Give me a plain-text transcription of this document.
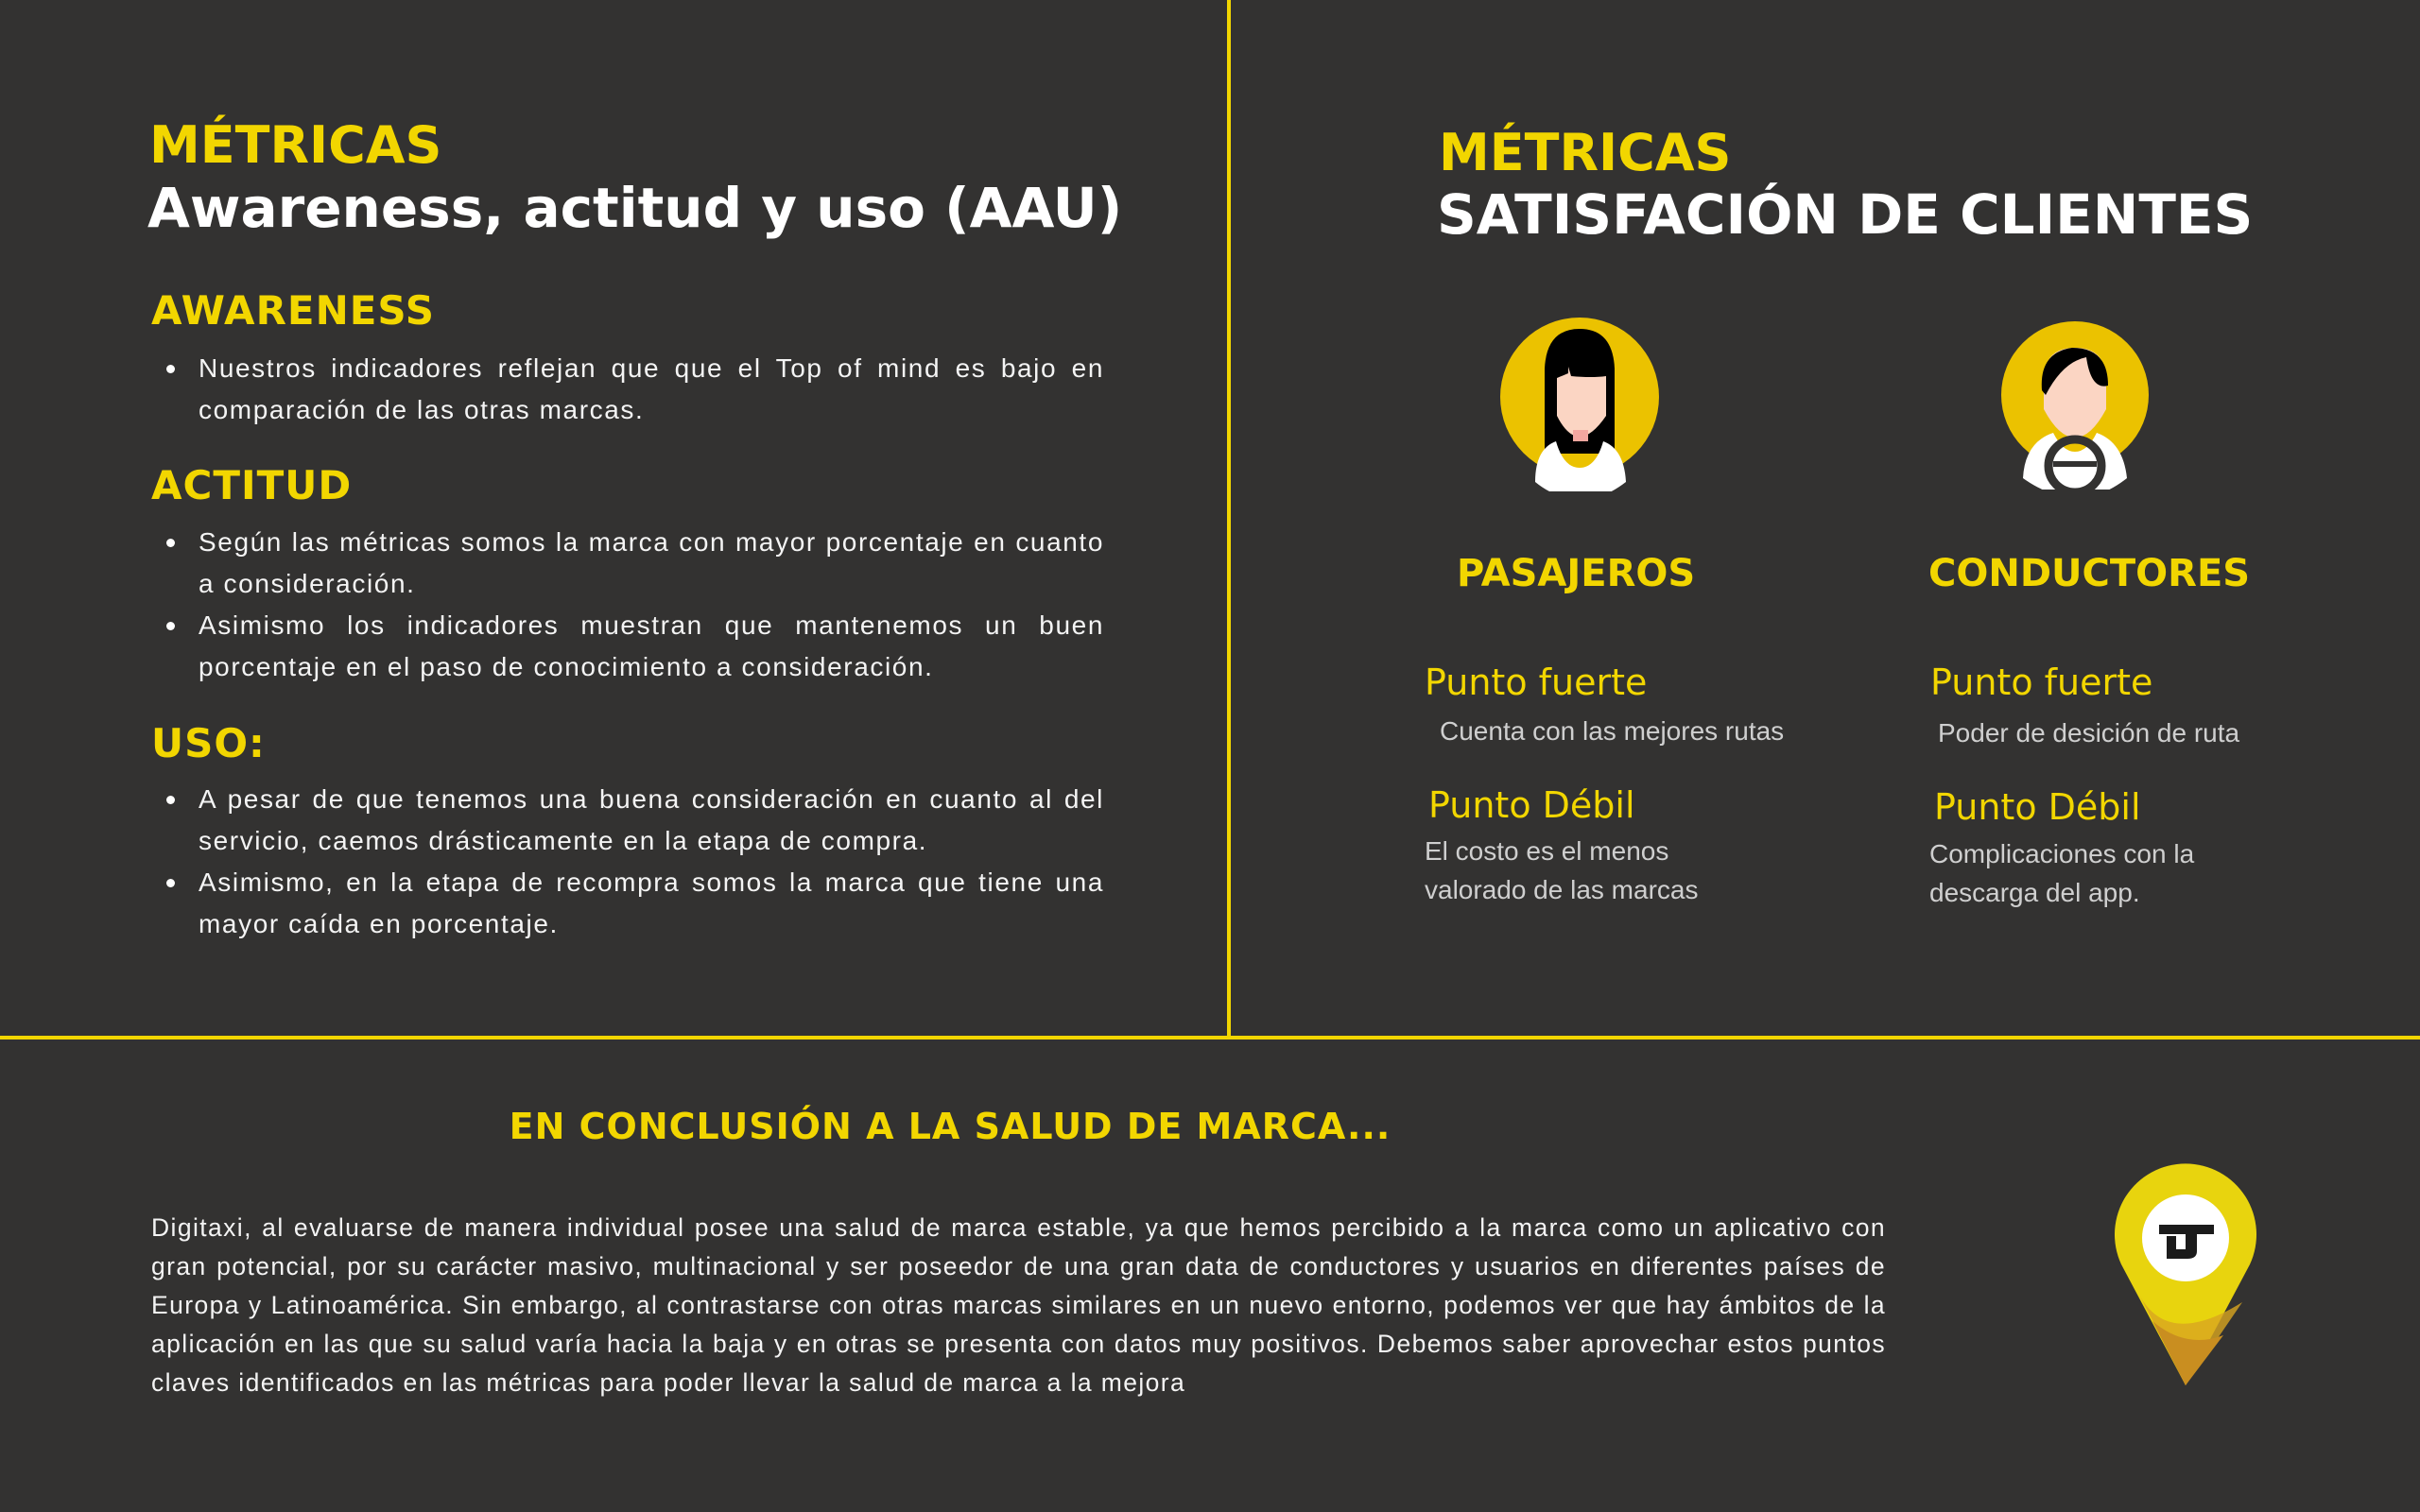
MÉTRICAS
Awareness, actitud y uso (AAU)
AWARENESS
Nuestros indicadores reflejan que que el Top of mind es bajo en comparación de las otras marcas.
ACTITUD
Según las métricas somos la marca con mayor porcentaje en cuanto a consideración.
Asimismo los indicadores muestran que mantenemos un buen porcentaje en el paso de conocimiento a consideración.
USO:
A pesar de que tenemos una buena consideración en cuanto al del servicio, caemos drásticamente en la etapa de compra.
Asimismo, en la etapa de recompra somos la marca que tiene una mayor caída en porcentaje.
MÉTRICAS
SATISFACIÓN DE CLIENTES
PASAJEROS
Punto fuerte
Cuenta con las mejores rutas
Punto Débil
El costo es el menos valorado de las marcas
CONDUCTORES
Punto fuerte
Poder de desición de ruta
Punto Débil
Complicaciones con la descarga del app.
EN CONCLUSIÓN A LA SALUD DE MARCA...

Digitaxi, al evaluarse de manera individual posee una salud de marca estable, ya que hemos percibido a la marca como un aplicativo con gran potencial, por su carácter masivo, multinacional y ser poseedor de una gran data de conductores y usuarios en diferentes países de Europa y Latinoamérica. Sin embargo, al contrastarse con otras marcas similares en un nuevo entorno, podemos ver que hay ámbitos de la aplicación en las que su salud varía hacia la baja y en otras se presenta con datos muy positivos. Debemos saber aprovechar estos puntos claves identificados en las métricas para poder llevar la salud de marca a la mejora
